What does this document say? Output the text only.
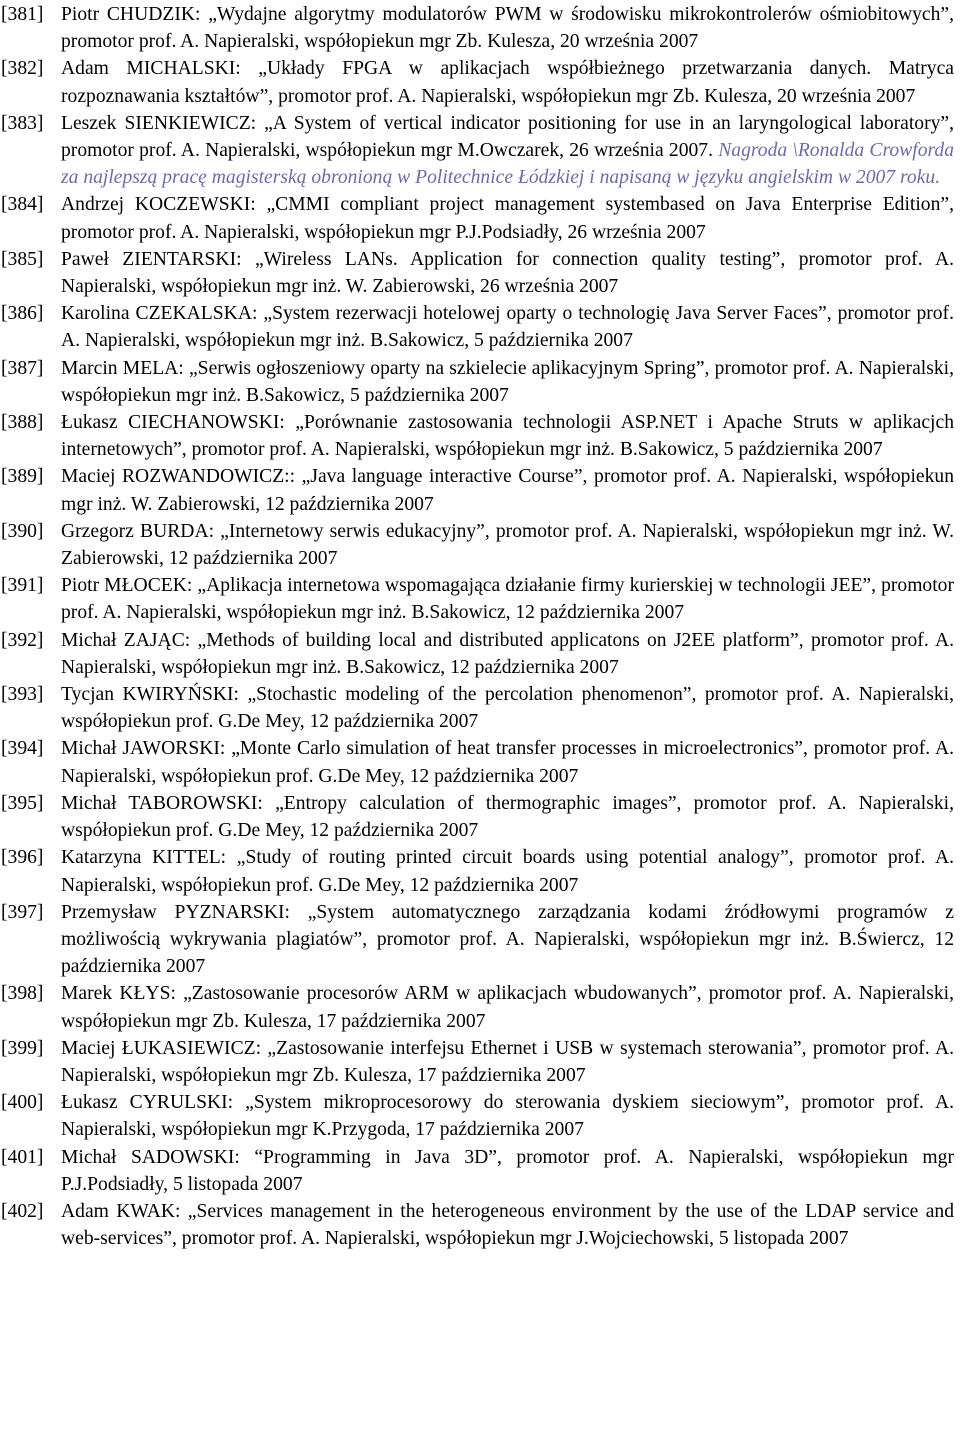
[381] Piotr CHUDZIK: „Wydajne algorytmy modulatorów PWM w środowisku mikrokontrolerów ośmiobitowych”, promotor prof. A. Napieralski, współopiekun mgr Zb. Kulesza, 20 września 2007
[382] Adam MICHALSKI: „Układy FPGA w aplikacjach współbieżnego przetwarzania danych. Matryca rozpoznawania kształtów”, promotor prof. A. Napieralski, współopiekun mgr Zb. Kulesza, 20 września 2007
[383] Leszek SIENKIEWICZ: „A System of vertical indicator positioning for use in an laryngological laboratory”, promotor prof. A. Napieralski, współopiekun mgr M.Owczarek, 26 września 2007. Nagroda \Ronalda Crowforda za najlepszą pracę magisterską obronioną w Politechnice Łódzkiej i napisaną w języku angielskim w 2007 roku.
[384] Andrzej KOCZEWSKI: „CMMI compliant project management systembased on Java Enterprise Edition”, promotor prof. A. Napieralski, współopiekun mgr P.J.Podsiadły, 26 września 2007
[385] Paweł ZIENTARSKI: „Wireless LANs. Application for connection quality testing”, promotor prof. A. Napieralski, współopiekun mgr inż. W. Zabierowski, 26 września 2007
[386] Karolina CZEKALSKA: „System rezerwacji hotelowej oparty o technologię Java Server Faces”, promotor prof. A. Napieralski, współopiekun mgr inż. B.Sakowicz, 5 października 2007
[387] Marcin MELA: „Serwis ogłoszeniowy oparty na szkielecie aplikacyjnym Spring”, promotor prof. A. Napieralski, współopiekun mgr inż. B.Sakowicz, 5 października 2007
[388] Łukasz CIECHANOWSKI: „Porównanie zastosowania technologii ASP.NET i Apache Struts w aplikacjch internetowych”, promotor prof. A. Napieralski, współopiekun mgr inż. B.Sakowicz, 5 października 2007
[389] Maciej ROZWANDOWICZ:: „Java language interactive Course”, promotor prof. A. Napieralski, współopiekun mgr inż. W. Zabierowski, 12 października 2007
[390] Grzegorz BURDA: „Internetowy serwis edukacyjny”, promotor prof. A. Napieralski, współopiekun mgr inż. W. Zabierowski, 12 października 2007
[391] Piotr MŁOCEK: „Aplikacja internetowa wspomagająca działanie firmy kurierskiej w technologii JEE”, promotor prof. A. Napieralski, współopiekun mgr inż. B.Sakowicz, 12 października 2007
[392] Michał ZAJĄC: „Methods of building local and distributed applicatons on J2EE platform”, promotor prof. A. Napieralski, współopiekun mgr inż. B.Sakowicz, 12 października 2007
[393] Tycjan KWIRYŃSKI: „Stochastic modeling of the percolation phenomenon”, promotor prof. A. Napieralski, współopiekun prof. G.De Mey, 12 października 2007
[394] Michał JAWORSKI: „Monte Carlo simulation of heat transfer processes in microelectronics”, promotor prof. A. Napieralski, współopiekun prof. G.De Mey, 12 października 2007
[395] Michał TABOROWSKI: „Entropy calculation of thermographic images”, promotor prof. A. Napieralski, współopiekun prof. G.De Mey, 12 października 2007
[396] Katarzyna KITTEL: „Study of routing printed circuit boards using potential analogy”, promotor prof. A. Napieralski, współopiekun prof. G.De Mey, 12 października 2007
[397] Przemysław PYZNARSKI: „System automatycznego zarządzania kodami źródłowymi programów z możliwością wykrywania plagiatów”, promotor prof. A. Napieralski, współopiekun mgr inż. B.Świercz, 12 października 2007
[398] Marek KŁYS: „Zastosowanie procesorów ARM w aplikacjach wbudowanych”, promotor prof. A. Napieralski, współopiekun mgr Zb. Kulesza, 17 października 2007
[399] Maciej ŁUKASIEWICZ: „Zastosowanie interfejsu Ethernet i USB w systemach sterowania”, promotor prof. A. Napieralski, współopiekun mgr Zb. Kulesza, 17 października 2007
[400] Łukasz CYRULSKI: „System mikroprocesorowy do sterowania dyskiem sieciowym”, promotor prof. A. Napieralski, współopiekun mgr K.Przygoda, 17 października 2007
[401] Michał SADOWSKI: “Programming in Java 3D”, promotor prof. A. Napieralski, współopiekun mgr P.J.Podsiadły, 5 listopada 2007
[402] Adam KWAK: „Services management in the heterogeneous environment by the use of the LDAP service and web-services”, promotor prof. A. Napieralski, współopiekun mgr J.Wojciechowski, 5 listopada 2007
